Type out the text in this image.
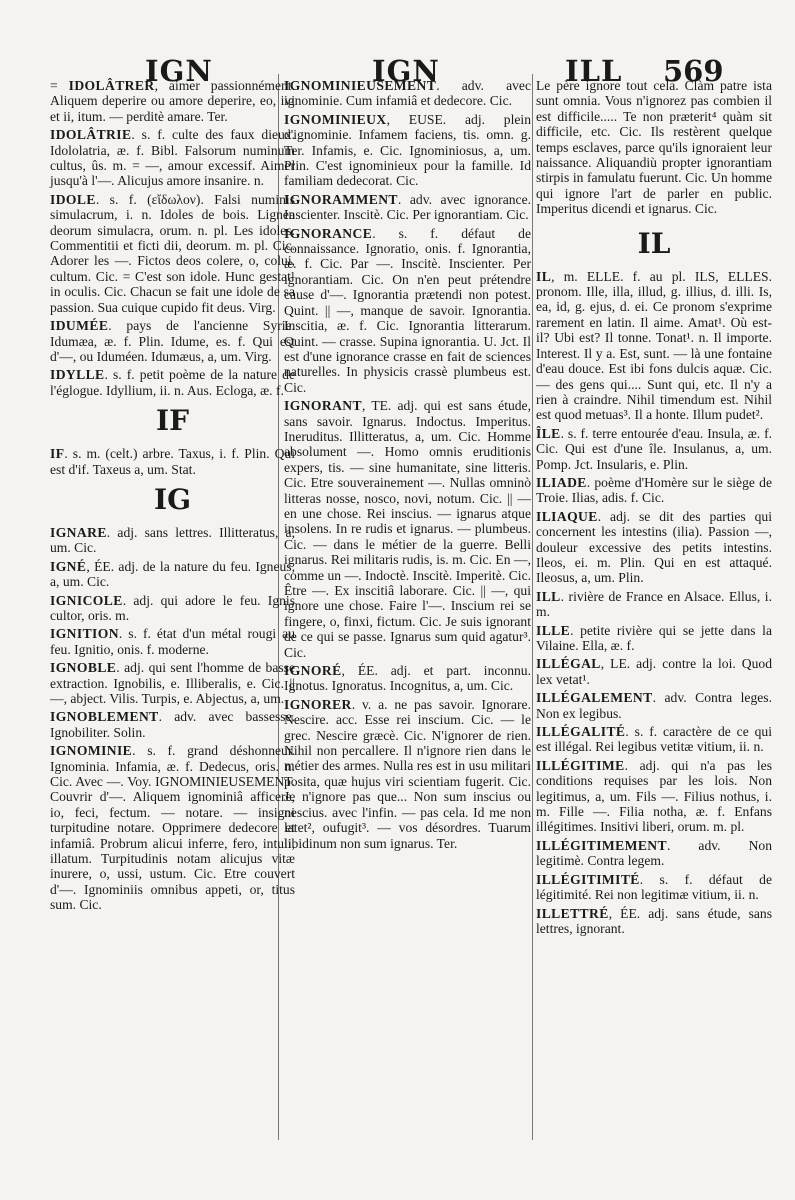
IGN	IGN	ILL 569

= IDOLÂTRER, aimer passionnément. Aliquem deperire ou amore deperire, eo, ivi et ii, itum. — perditè amare. Ter.

IDOLÂTRIE. s. f. culte des faux dieux. Idololatria, æ. f. Bibl. Falsorum numinum cultus, ûs. m. = —, amour excessif. Aimer jusqu'à l'—. Alicujus amore insanire. n.

IDOLE. s. f. (εἴδωλον). Falsi numinis simulacrum, i. n. Idoles de bois. Lignea deorum simulacra, orum. n. pl. Les idoles. Commentitii et ficti dii, deorum. m. pl. Cic. Adorer les —. Fictos deos colere, o, colui, cultum. Cic. = C'est son idole. Hunc gestat¹ in oculis. Cic. Chacun se fait une idole de sa passion. Sua cuique cupido fit deus. Virg.

IDUMÉE. pays de l'ancienne Syrie. Idumæa, æ. f. Plin. Idume, es. f. Qui est d'—, ou Iduméen. Idumæus, a, um. Virg.

IDYLLE. s. f. petit poème de la nature de l'églogue. Idyllium, ii. n. Aus. Ecloga, æ. f.

IF

IF. s. m. (celt.) arbre. Taxus, i. f. Plin. Qui est d'if. Taxeus a, um. Stat.

IG

IGNARE. adj. sans lettres. Illitteratus, a, um. Cic.

IGNÉ, ÉE. adj. de la nature du feu. Igneus, a, um. Cic.

IGNICOLE. adj. qui adore le feu. Ignis cultor, oris. m.

IGNITION. s. f. état d'un métal rougi au feu. Ignitio, onis. f. moderne.

IGNOBLE. adj. qui sent l'homme de basse extraction. Ignobilis, e. Illiberalis, e. Cic. || —, abject. Vilis. Turpis, e. Abjectus, a, um.

IGNOBLEMENT. adv. avec bassesse. Ignobiliter. Solin.

IGNOMINIE. s. f. grand déshonneur. Ignominia. Infamia, æ. f. Dedecus, oris. n. Cic. Avec —. Voy. IGNOMINIEUSEMENT. Couvrir d'—. Aliquem ignominiâ afficere, io, feci, fectum. — notare. — insigni turpitudine notare. Opprimere dedecore et infamiâ. Probrum alicui inferre, fero, intuli, illatum. Turpitudinis notam alicujus vitæ inurere, o, ussi, ustum. Cic. Etre couvert d'—. Ignominiis omnibus appeti, or, titus sum. Cic.

IGNOMINIEUSEMENT. adv. avec ignominie. Cum infamiâ et dedecore. Cic.

IGNOMINIEUX, EUSE. adj. plein d'ignominie. Infamem faciens, tis. omn. g. Ter. Infamis, e. Cic. Ignominiosus, a, um. Plin. C'est ignominieux pour la famille. Id familiam dedecorat. Cic.

IGNORAMMENT. adv. avec ignorance. Inscienter. Inscitè. Cic. Per ignorantiam. Cic.

IGNORANCE. s. f. défaut de connaissance. Ignoratio, onis. f. Ignorantia, æ. f. Cic. Par —. Inscitè. Inscienter. Per ignorantiam. Cic. On n'en peut prétendre cause d'—. Ignorantia prætendi non potest. Quint. || —, manque de savoir. Ignorantia. Inscitia, æ. f. Cic. Ignorantia litterarum. Quint. — crasse. Supina ignorantia. U. Jct. Il est d'une ignorance crasse en fait de sciences naturelles. In physicis crassè plumbeus est. Cic.

IGNORANT, TE. adj. qui est sans étude, sans savoir. Ignarus. Indoctus. Imperitus. Ineruditus. Illitteratus, a, um. Cic. Homme absolument —. Homo omnis eruditionis expers, tis. — sine humanitate, sine litteris. Cic. Etre souverainement —. Nullas omninò litteras nosse, nosco, novi, notum. Cic. || — en une chose. Rei inscius. — ignarus atque insolens. In re rudis et ignarus. — plumbeus. Cic. — dans le métier de la guerre. Belli ignarus. Rei militaris rudis, is. m. Cic. En —, comme un —. Indoctè. Inscitè. Imperitè. Cic. Être —. Ex inscitiâ laborare. Cic. || —, qui ignore une chose. Faire l'—. Inscium rei se fingere, o, finxi, fictum. Cic. Je suis ignorant de ce qui se passe. Ignarus sum quid agatur³. Cic.

IGNORÉ, ÉE. adj. et part. inconnu. Ignotus. Ignoratus. Incognitus, a, um. Cic.

IGNORER. v. a. ne pas savoir. Ignorare. Nescire. acc. Esse rei inscium. Cic. — le grec. Nescire græcè. Cic. N'ignorer de rien. Nihil non percallere. Il n'ignore rien dans le métier des armes. Nulla res est in usu militari posita, quæ hujus viri scientiam fugerit. Cic. Je n'ignore pas que... Non sum inscius ou nescius. avec l'infin. — pas cela. Id me non latet², oufugit³. — vos désordres. Tuarum libidinum non sum ignarus. Ter.

Le père ignore tout cela. Clàm patre ista sunt omnia. Vous n'ignorez pas combien il est difficile..... Te non præterit⁴ quàm sit difficile, etc. Cic. Ils restèrent quelque temps esclaves, parce qu'ils ignoraient leur naissance. Aliquandiù propter ignorantiam stirpis in famulatu fuerunt. Cic. Un homme qui ignore l'art de parler en public. Imperitus dicendi et ignarus. Cic.

IL

IL, m. ELLE. f. au pl. ILS, ELLES. pronom. Ille, illa, illud, g. illius, d. illi. Is, ea, id, g. ejus, d. ei. Ce pronom s'exprime rarement en latin. Il aime. Amat¹. Où est-il? Ubi est? Il tonne. Tonat¹. n. Il importe. Interest. Il y a. Est, sunt. — là une fontaine d'eau douce. Est ibi fons dulcis aquæ. Cic. — des gens qui.... Sunt qui, etc. Il n'y a rien à craindre. Nihil timendum est. Nihil est quod metuas³. Il a honte. Illum pudet².

ÎLE. s. f. terre entourée d'eau. Insula, æ. f. Cic. Qui est d'une île. Insulanus, a, um. Pomp. Jct. Insularis, e. Plin.

ILIADE. poème d'Homère sur le siège de Troie. Ilias, adis. f. Cic.

ILIAQUE. adj. se dit des parties qui concernent les intestins (ilia). Passion —, douleur excessive des petits intestins. Ileos, ei. m. Plin. Qui en est attaqué. Ileosus, a, um. Plin.

ILL. rivière de France en Alsace. Ellus, i. m.

ILLE. petite rivière qui se jette dans la Vilaine. Ella, æ. f.

ILLÉGAL, LE. adj. contre la loi. Quod lex vetat¹.

ILLÉGALEMENT. adv. Contra leges. Non ex legibus.

ILLÉGALITÉ. s. f. caractère de ce qui est illégal. Rei legibus vetitæ vitium, ii. n.

ILLÉGITIME. adj. qui n'a pas les conditions requises par les lois. Non legitimus, a, um. Fils —. Filius nothus, i. m. Fille —. Filia notha, æ. f. Enfans illégitimes. Insitivi liberi, orum. m. pl.

ILLÉGITIMEMENT. adv. Non legitimè. Contra legem.

ILLÉGITIMITÉ. s. f. défaut de légitimité. Rei non legitimæ vitium, ii. n.

ILLETTRÉ, ÉE. adj. sans étude, sans lettres, ignorant.
